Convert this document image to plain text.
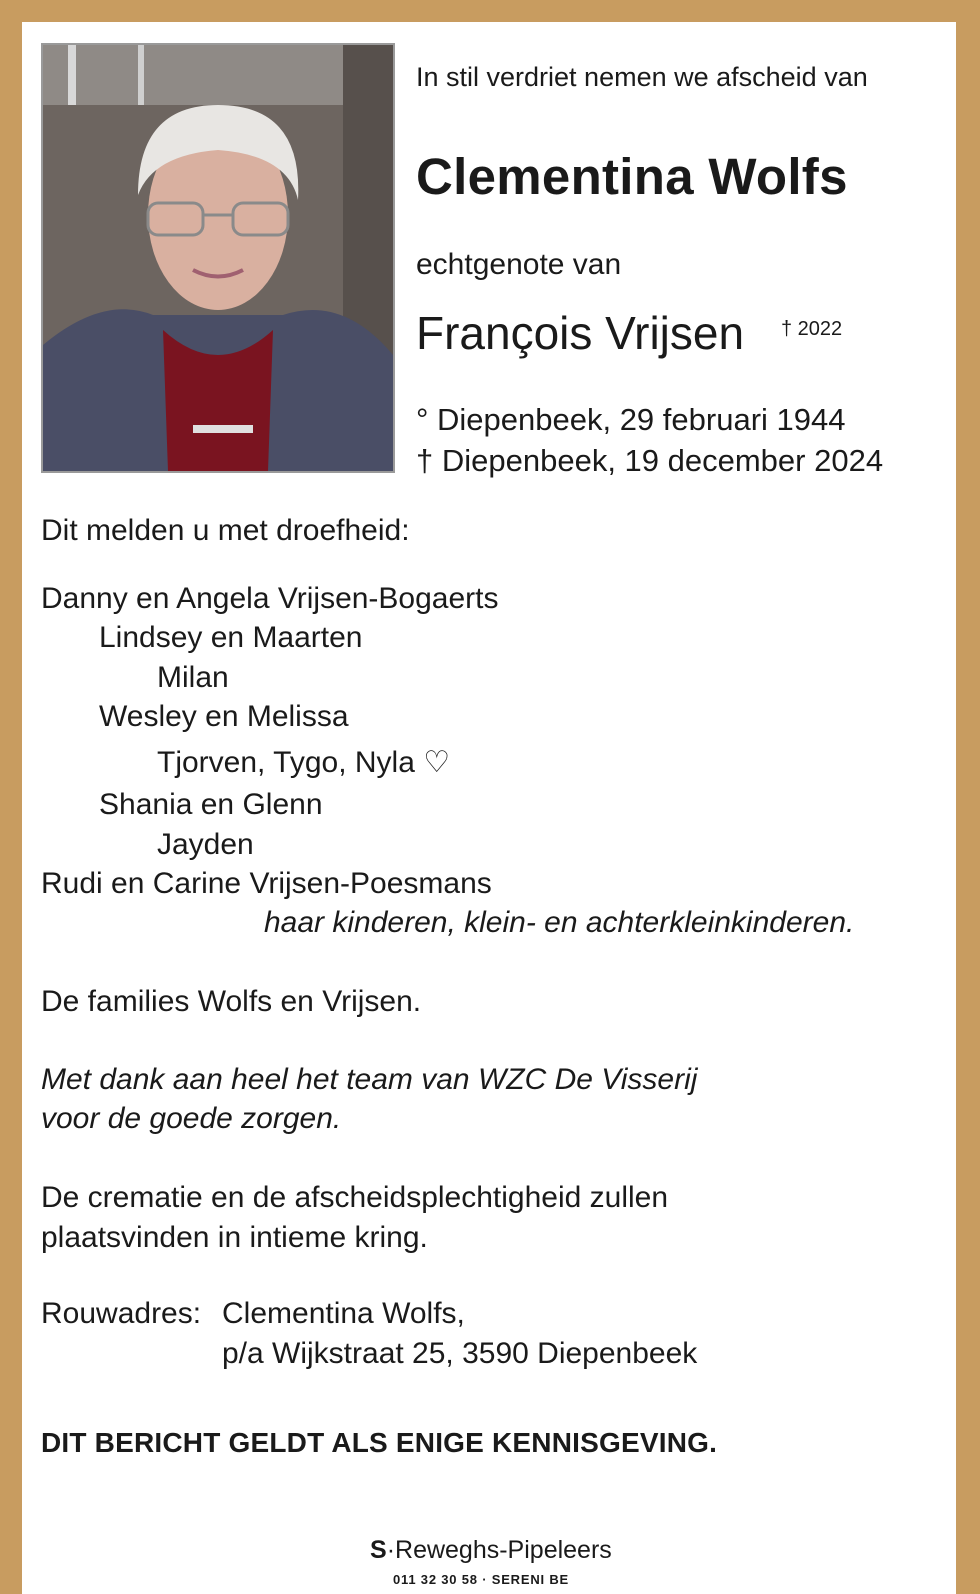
In stil verdriet nemen we afscheid van
Clementina Wolfs
echtgenote van
François Vrijsen † 2022
° Diepenbeek, 29 februari 1944
† Diepenbeek, 19 december 2024
Dit melden u met droefheid:
Danny en Angela Vrijsen-Bogaerts
Lindsey en Maarten
Milan
Wesley en Melissa
Tjorven, Tygo, Nyla ♡
Shania en Glenn
Jayden
Rudi en Carine Vrijsen-Poesmans
haar kinderen, klein- en achterkleinkinderen.
De families Wolfs en Vrijsen.
Met dank aan heel het team van WZC De Visserij
voor de goede zorgen.
De crematie en de afscheidsplechtigheid zullen
plaatsvinden in intieme kring.
Rouwadres: Clementina Wolfs,
p/a Wijkstraat 25, 3590 Diepenbeek
DIT BERICHT GELDT ALS ENIGE KENNISGEVING.
S·Reweghs-Pipeleers
011 32 30 58 · SERENI BE
